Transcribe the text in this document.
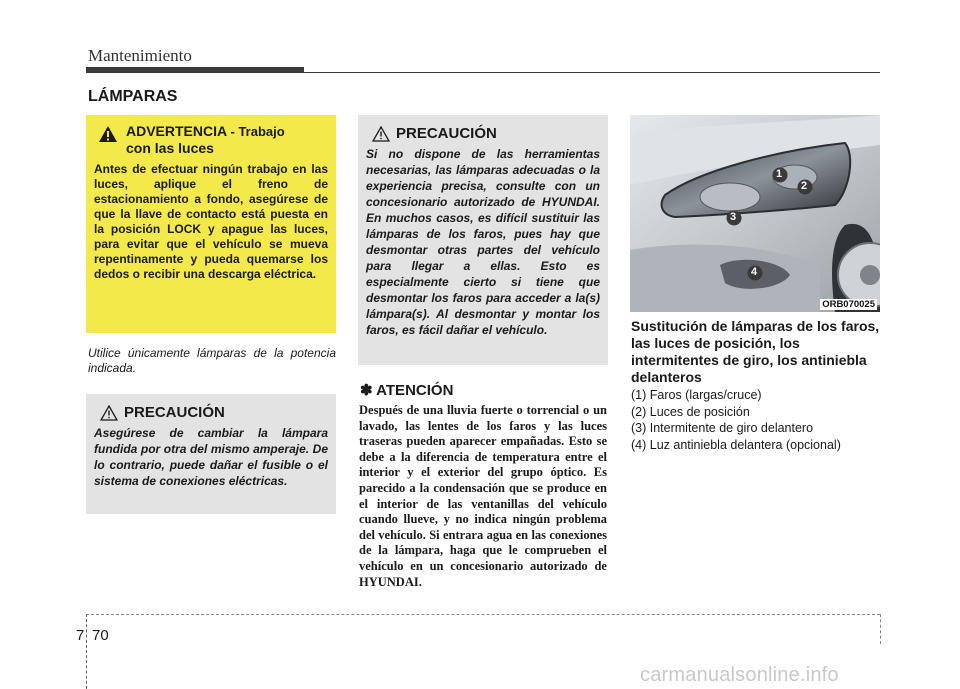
Mantenimiento
LÁMPARAS
ADVERTENCIA - Trabajo
con las luces
Antes de efectuar ningún trabajo en las luces, aplique el freno de estacionamiento a fondo, asegúrese de que la llave de contacto está puesta en la posición LOCK y apague las luces, para evitar que el vehículo se mueva repentinamente y pueda quemarse los dedos o recibir una descarga eléctrica.
Utilice únicamente lámparas de la potencia indicada.
PRECAUCIÓN
Asegúrese de cambiar la lámpara fundida por otra del mismo amperaje. De lo contrario, puede dañar el fusible o el sistema de conexiones eléctricas.
PRECAUCIÓN
Si no dispone de las herramientas necesarias, las lámparas adecuadas o la experiencia precisa, consulte con un concesionario autorizado de HYUNDAI. En muchos casos, es difícil sustituir las lámparas de los faros, pues hay que desmontar otras partes del vehículo para llegar a ellas. Esto es especialmente cierto si tiene que desmontar los faros para acceder a la(s) lámpara(s). Al desmontar y montar los faros, es fácil dañar el vehículo.
✽ ATENCIÓN
Después de una lluvia fuerte o torrencial o un lavado, las lentes de los faros y las luces traseras pueden aparecer empañadas. Esto se debe a la diferencia de temperatura entre el interior y el exterior del grupo óptico. Es parecido a la condensación que se produce en el interior de las ventanillas del vehículo cuando llueve, y no indica ningún problema del vehículo. Si entrara agua en las conexiones de la lámpara, haga que le comprueben el vehículo en un concesionario autorizado de HYUNDAI.
1
2
3
4
ORB070025
Sustitución de lámparas de los faros, las luces de posición, los intermitentes de giro, los antiniebla delanteros
(1) Faros (largas/cruce)
(2) Luces de posición
(3) Intermitente de giro delantero
(4) Luz antiniebla delantera (opcional)
7 70
carmanualsonline.info
